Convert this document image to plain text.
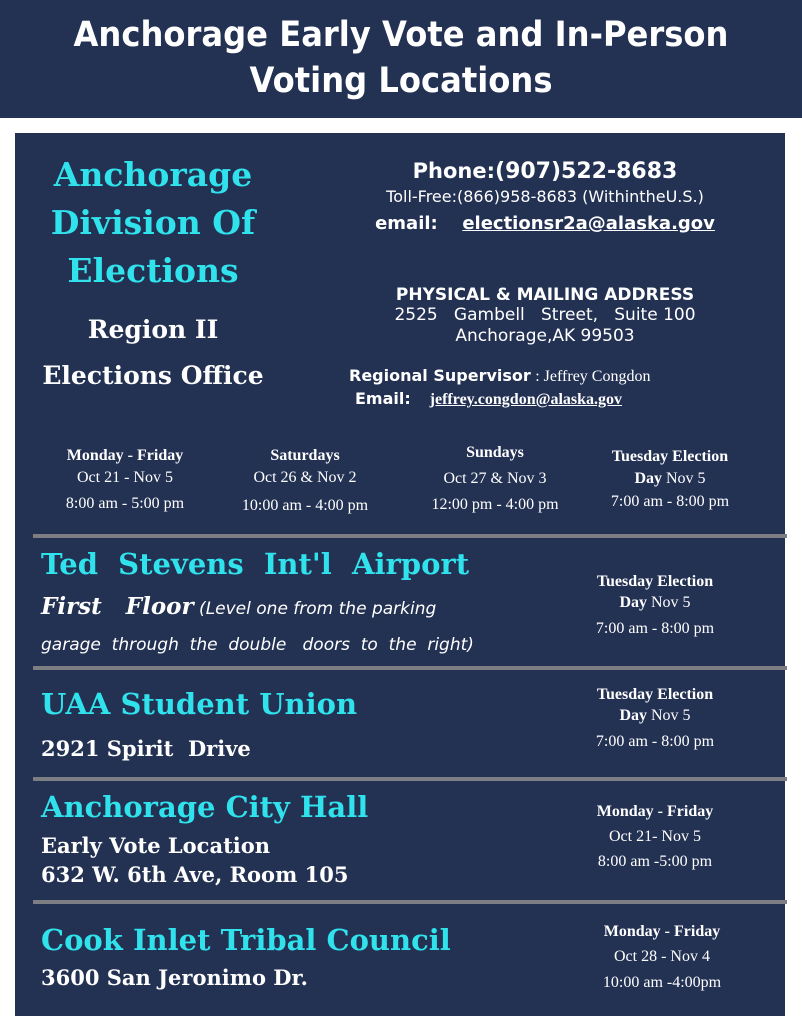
Anchorage Early Vote and In-Person
Voting Locations
Anchorage
Division Of
Elections
Region II
Elections Office
Phone:(907)522-8683
Toll-Free:(866)958-8683 (WithintheU.S.)
email: electionsr2a@alaska.gov
PHYSICAL & MAILING ADDRESS
2525   Gambell   Street,   Suite 100
Anchorage,AK 99503
Regional Supervisor : Jeffrey Congdon
Email: jeffrey.congdon@alaska.gov
Monday - Friday
Oct 21 - Nov 5
8:00 am - 5:00 pm
Saturdays
Oct 26 & Nov 2
10:00 am - 4:00 pm
Sundays
Oct 27 & Nov 3
12:00 pm - 4:00 pm
Tuesday Election
Day Nov 5
7:00 am - 8:00 pm
Ted  Stevens  Int'l  Airport
First   Floor (Level one from the parking
garage  through  the  double   doors  to  the  right)
Tuesday Election
Day Nov 5
7:00 am - 8:00 pm
UAA Student Union
2921 Spirit  Drive
Tuesday Election
Day Nov 5
7:00 am - 8:00 pm
Anchorage City Hall
Early Vote Location
632 W. 6th Ave, Room 105
Monday - Friday
Oct 21- Nov 5
8:00 am -5:00 pm
Cook Inlet Tribal Council
3600 San Jeronimo Dr.
Monday - Friday
Oct 28 - Nov 4
10:00 am -4:00pm
